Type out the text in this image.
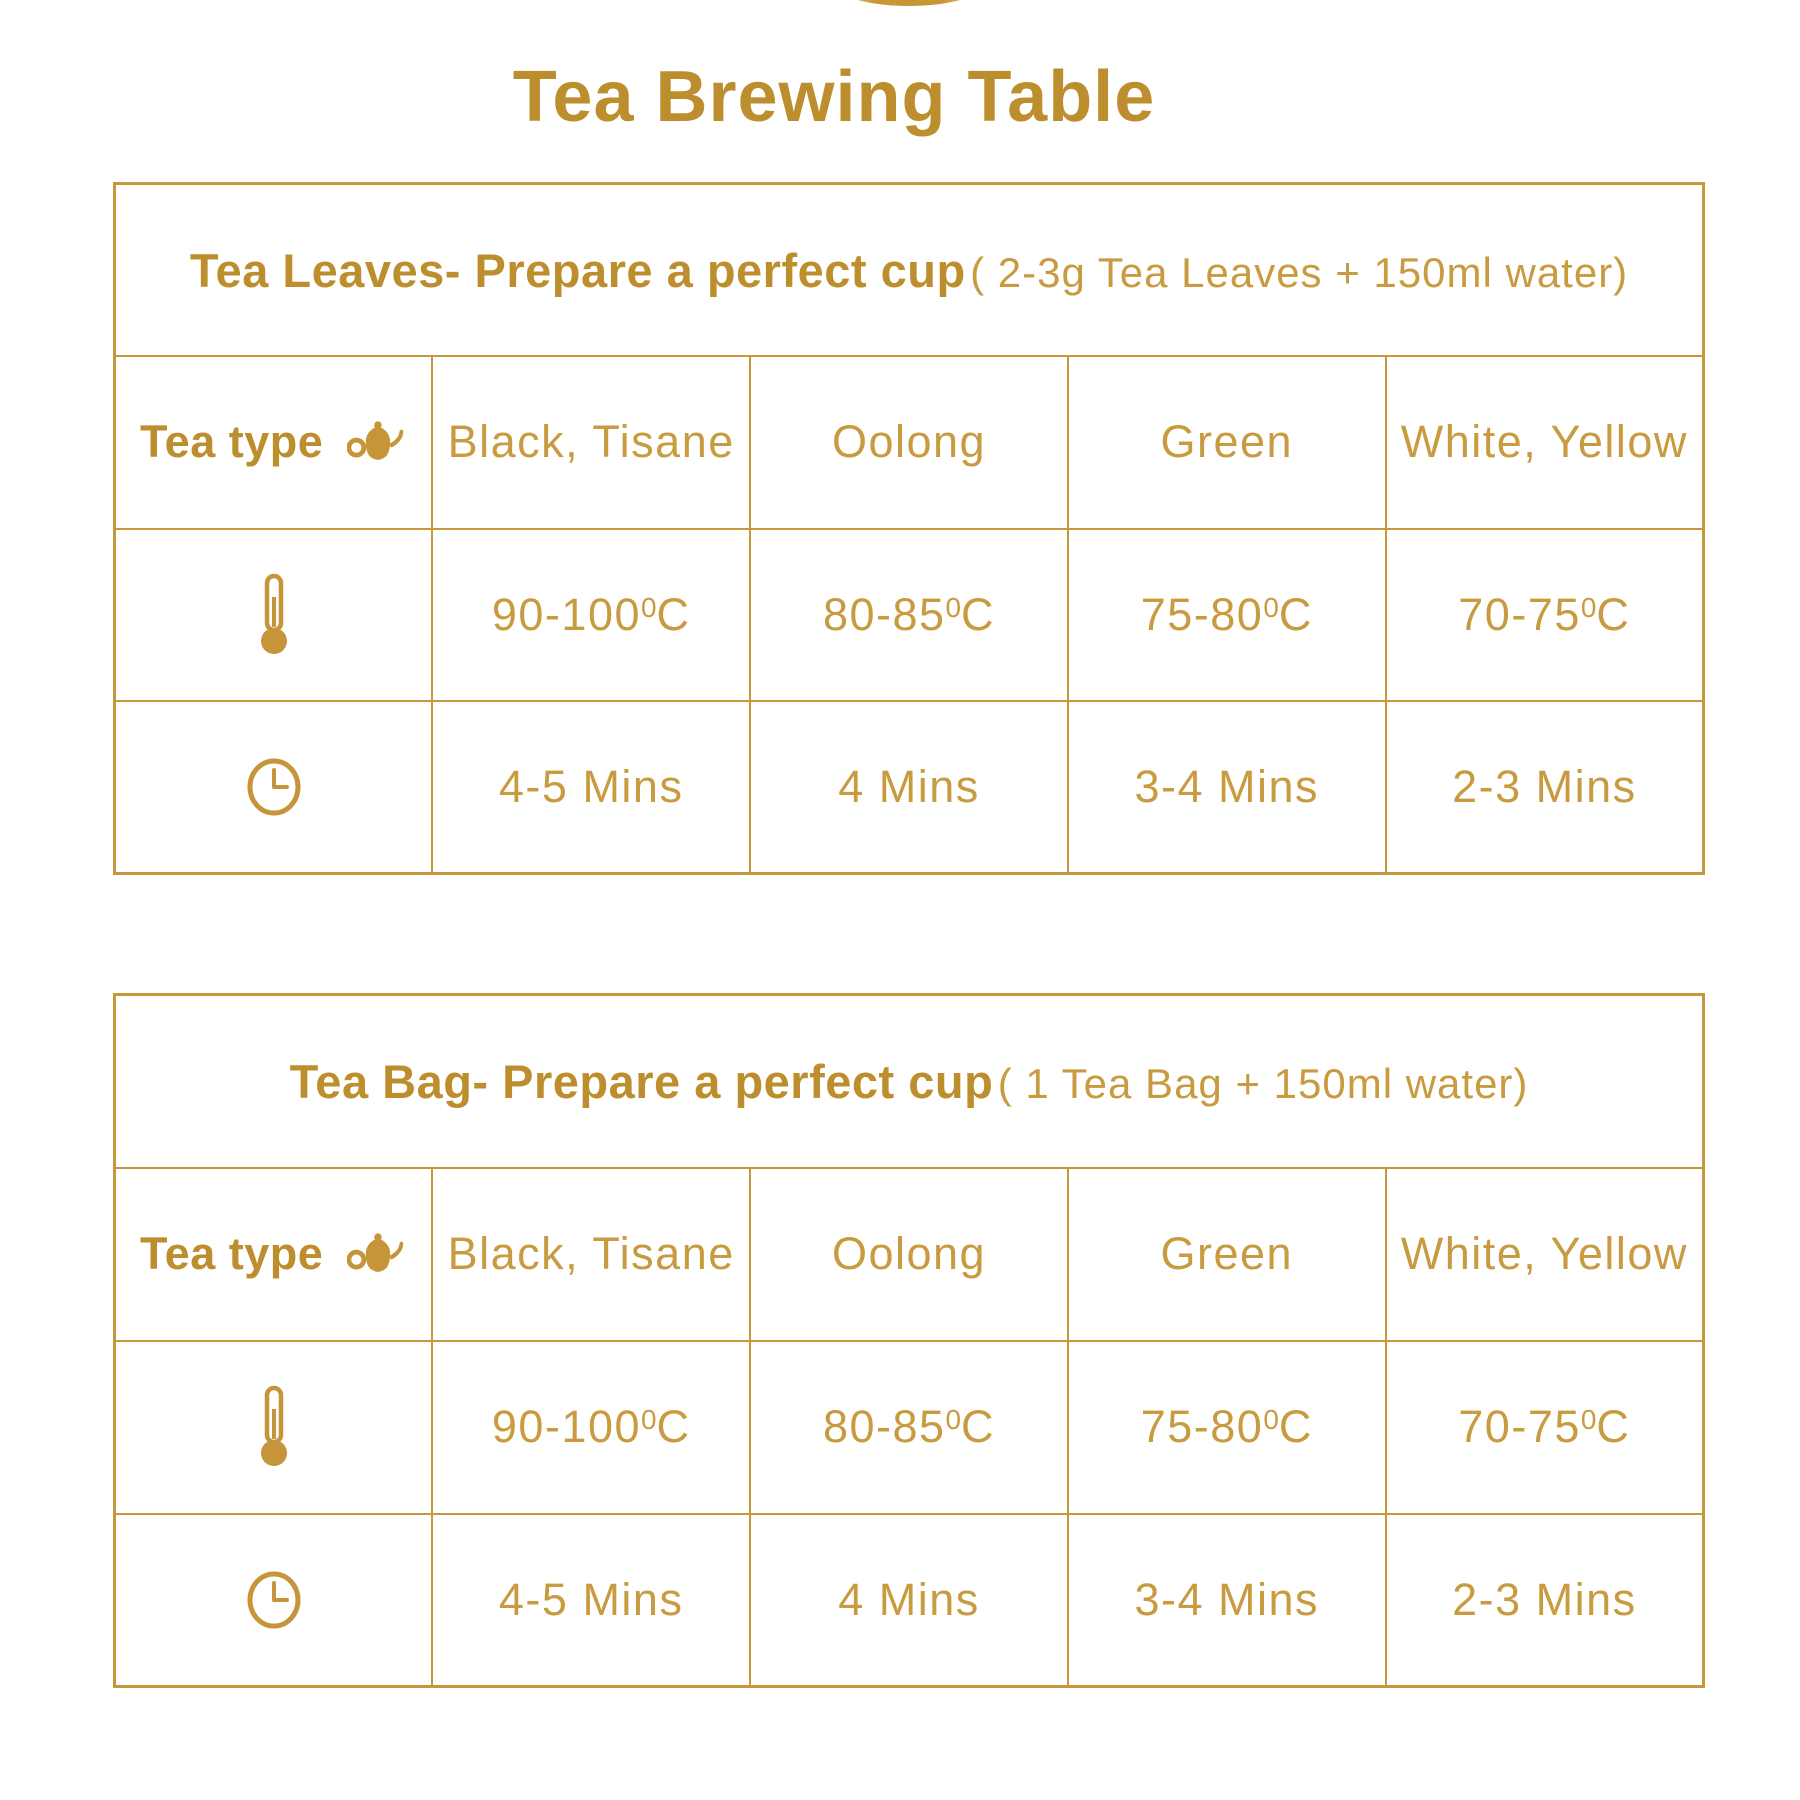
Tea Brewing Table
Tea Leaves- Prepare a perfect cup ( 2-3g Tea Leaves + 150ml water)				

Tea type	Black, Tisane	Oolong	Green	White, Yellow

	$90-100^0C$	$80-85^0C$	$75-80^0C$	$70-75^0C$

	4-5 Mins	4 Mins	3-4 Mins	2-3 Mins
Tea Bag- Prepare a perfect cup ( 1 Tea Bag + 150ml water)				

Tea type	Black, Tisane	Oolong	Green	White, Yellow

	$90-100^0C$	$80-85^0C$	$75-80^0C$	$70-75^0C$

	4-5 Mins	4 Mins	3-4 Mins	2-3 Mins
